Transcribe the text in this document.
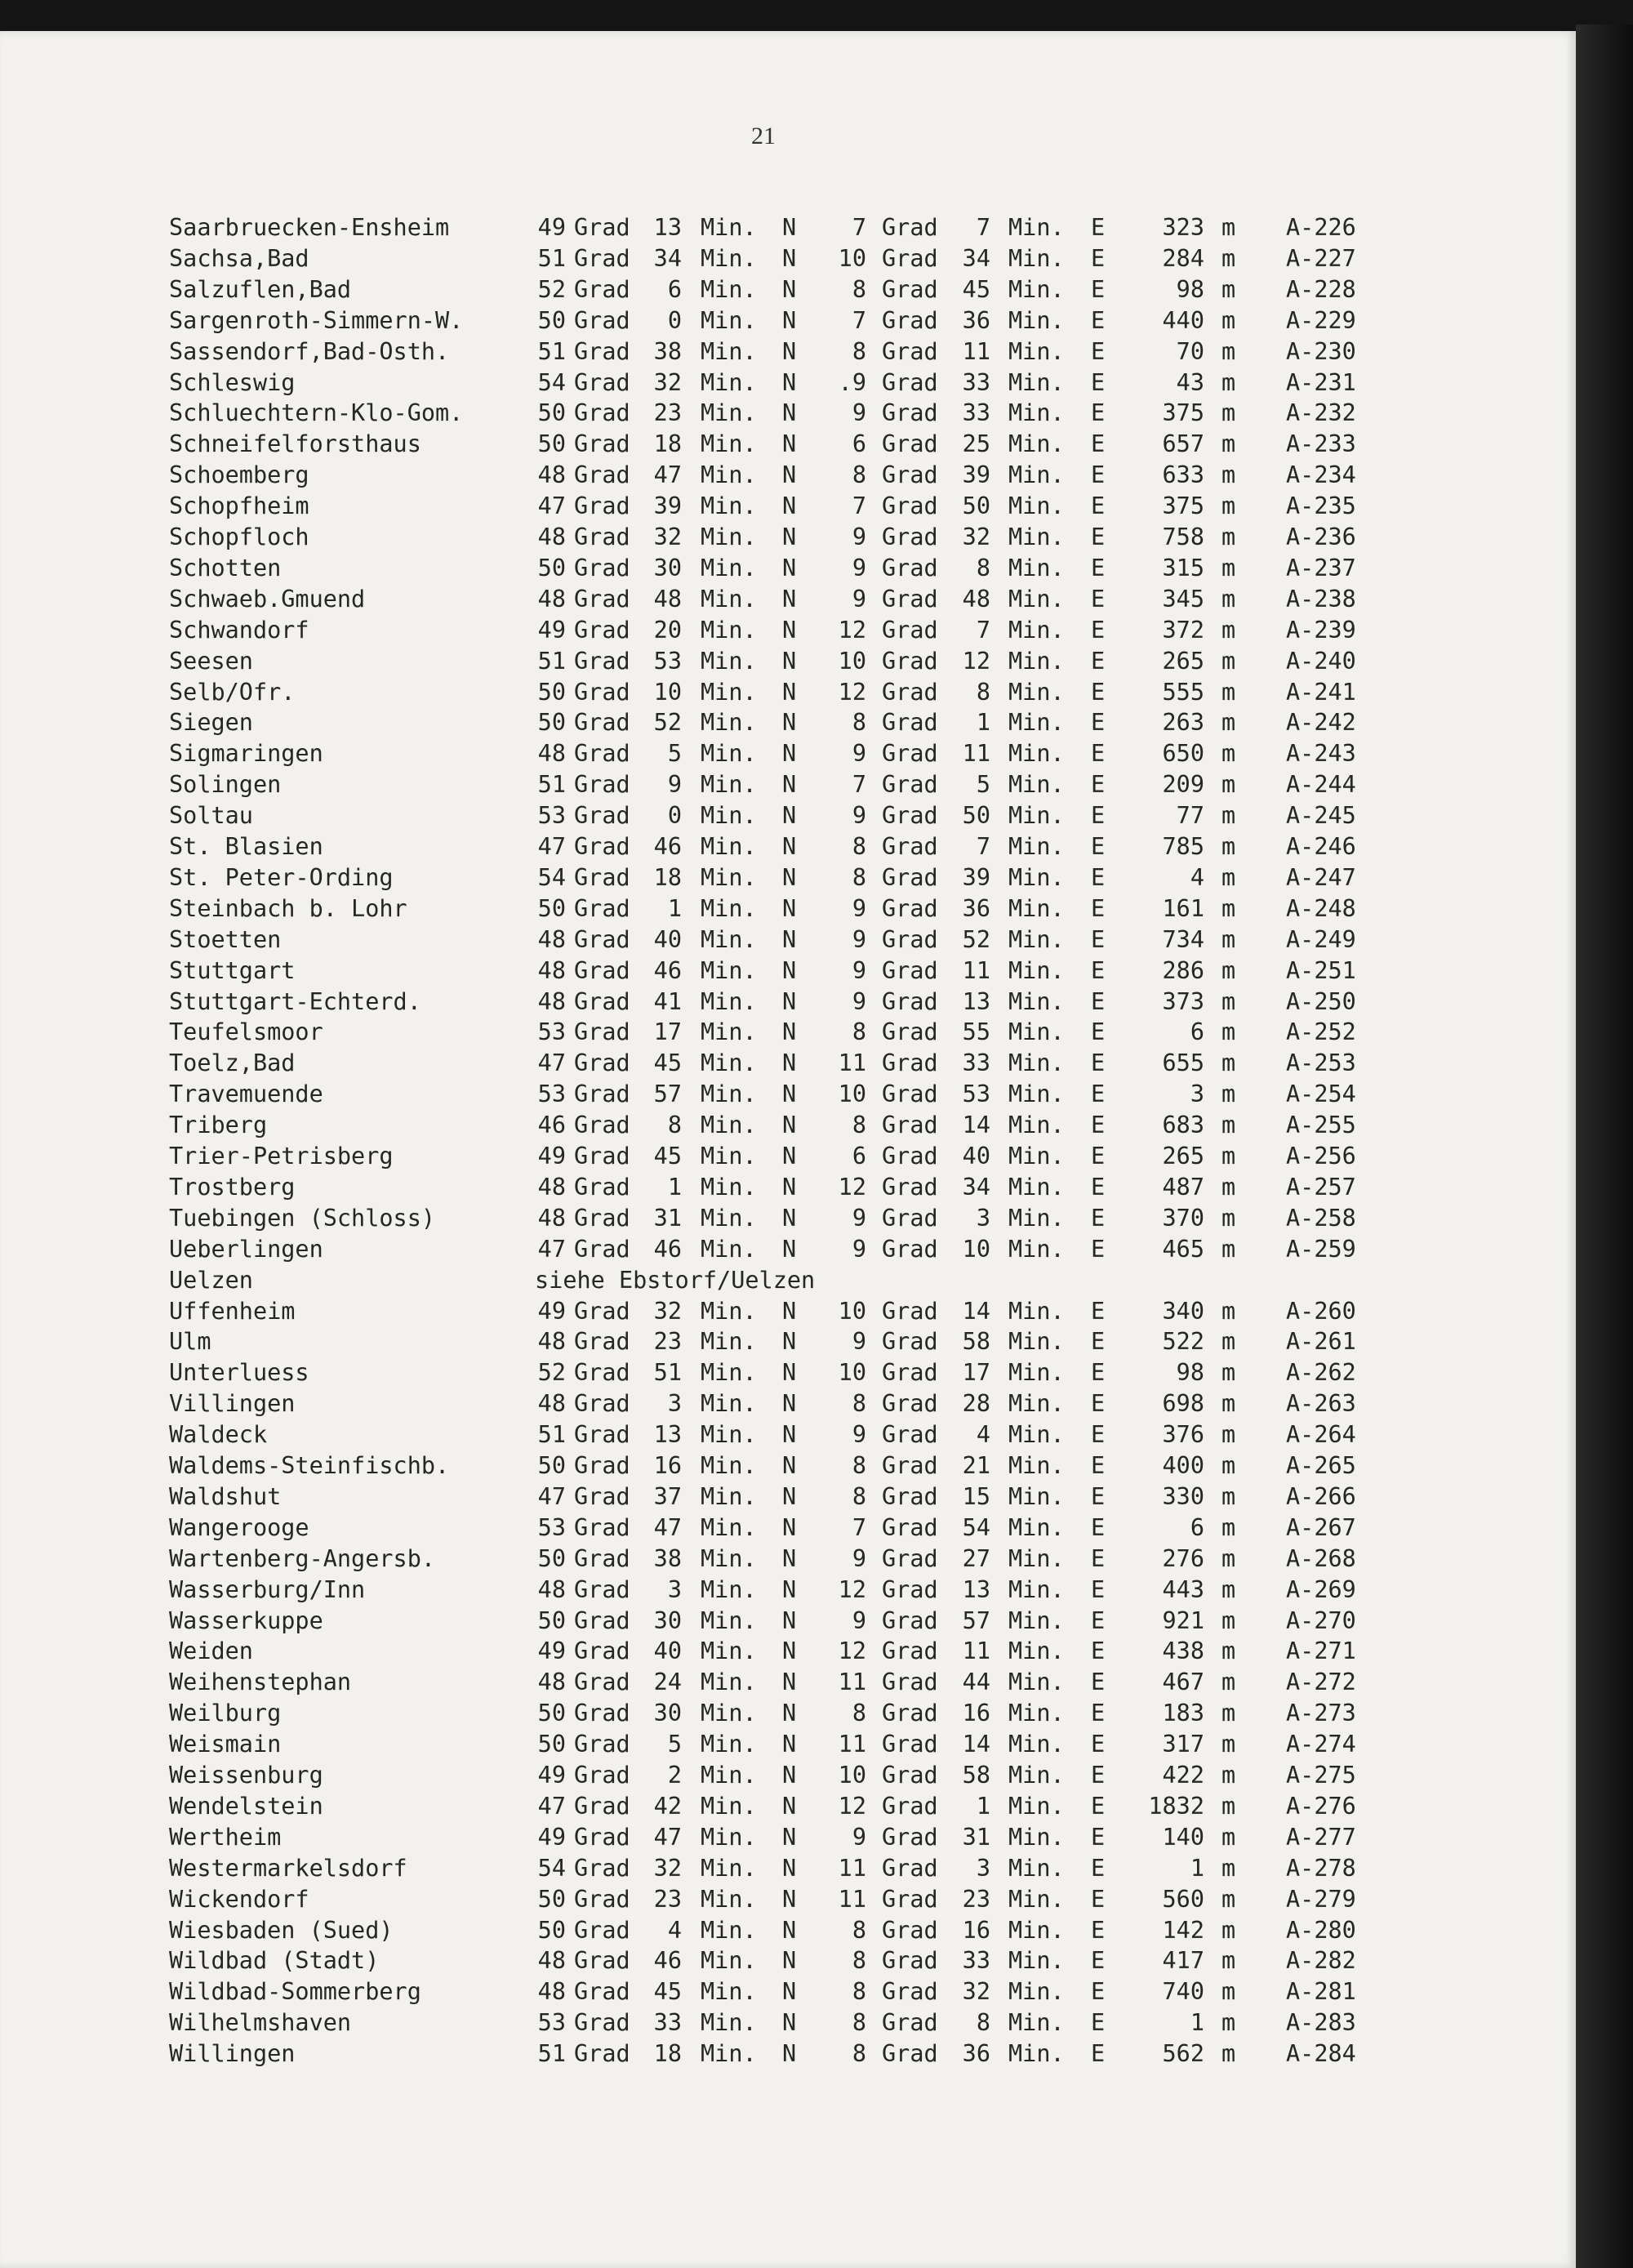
21
Saarbruecken-Ensheim	49 Grad	13 Min. N	7 Grad	7 Min. E	323 m A-226
Sachsa,Bad	51 Grad	34 Min. N	10 Grad	34 Min. E	284 m A-227
Salzuflen,Bad	52 Grad	6 Min. N	8 Grad	45 Min. E	98 m A-228
Sargenroth-Simmern-W.	50 Grad	0 Min. N	7 Grad	36 Min. E	440 m A-229
Sassendorf,Bad-Osth.	51 Grad	38 Min. N	8 Grad	11 Min. E	70 m A-230
Schleswig	54 Grad	32 Min. N	.9 Grad	33 Min. E	43 m A-231
Schluechtern-Klo-Gom.	50 Grad	23 Min. N	9 Grad	33 Min. E	375 m A-232
Schneifelforsthaus	50 Grad	18 Min. N	6 Grad	25 Min. E	657 m A-233
Schoemberg	48 Grad	47 Min. N	8 Grad	39 Min. E	633 m A-234
Schopfheim	47 Grad	39 Min. N	7 Grad	50 Min. E	375 m A-235
Schopfloch	48 Grad	32 Min. N	9 Grad	32 Min. E	758 m A-236
Schotten	50 Grad	30 Min. N	9 Grad	8 Min. E	315 m A-237
Schwaeb.Gmuend	48 Grad	48 Min. N	9 Grad	48 Min. E	345 m A-238
Schwandorf	49 Grad	20 Min. N	12 Grad	7 Min. E	372 m A-239
Seesen	51 Grad	53 Min. N	10 Grad	12 Min. E	265 m A-240
Selb/Ofr.	50 Grad	10 Min. N	12 Grad	8 Min. E	555 m A-241
Siegen	50 Grad	52 Min. N	8 Grad	1 Min. E	263 m A-242
Sigmaringen	48 Grad	5 Min. N	9 Grad	11 Min. E	650 m A-243
Solingen	51 Grad	9 Min. N	7 Grad	5 Min. E	209 m A-244
Soltau	53 Grad	0 Min. N	9 Grad	50 Min. E	77 m A-245
St. Blasien	47 Grad	46 Min. N	8 Grad	7 Min. E	785 m A-246
St. Peter-Ording	54 Grad	18 Min. N	8 Grad	39 Min. E	4 m A-247
Steinbach b. Lohr	50 Grad	1 Min. N	9 Grad	36 Min. E	161 m A-248
Stoetten	48 Grad	40 Min. N	9 Grad	52 Min. E	734 m A-249
Stuttgart	48 Grad	46 Min. N	9 Grad	11 Min. E	286 m A-251
Stuttgart-Echterd.	48 Grad	41 Min. N	9 Grad	13 Min. E	373 m A-250
Teufelsmoor	53 Grad	17 Min. N	8 Grad	55 Min. E	6 m A-252
Toelz,Bad	47 Grad	45 Min. N	11 Grad	33 Min. E	655 m A-253
Travemuende	53 Grad	57 Min. N	10 Grad	53 Min. E	3 m A-254
Triberg	46 Grad	8 Min. N	8 Grad	14 Min. E	683 m A-255
Trier-Petrisberg	49 Grad	45 Min. N	6 Grad	40 Min. E	265 m A-256
Trostberg	48 Grad	1 Min. N	12 Grad	34 Min. E	487 m A-257
Tuebingen (Schloss)	48 Grad	31 Min. N	9 Grad	3 Min. E	370 m A-258
Ueberlingen	47 Grad	46 Min. N	9 Grad	10 Min. E	465 m A-259
Uelzen	siehe Ebstorf/Uelzen
Uffenheim	49 Grad	32 Min. N	10 Grad	14 Min. E	340 m A-260
Ulm	48 Grad	23 Min. N	9 Grad	58 Min. E	522 m A-261
Unterluess	52 Grad	51 Min. N	10 Grad	17 Min. E	98 m A-262
Villingen	48 Grad	3 Min. N	8 Grad	28 Min. E	698 m A-263
Waldeck	51 Grad	13 Min. N	9 Grad	4 Min. E	376 m A-264
Waldems-Steinfischb.	50 Grad	16 Min. N	8 Grad	21 Min. E	400 m A-265
Waldshut	47 Grad	37 Min. N	8 Grad	15 Min. E	330 m A-266
Wangerooge	53 Grad	47 Min. N	7 Grad	54 Min. E	6 m A-267
Wartenberg-Angersb.	50 Grad	38 Min. N	9 Grad	27 Min. E	276 m A-268
Wasserburg/Inn	48 Grad	3 Min. N	12 Grad	13 Min. E	443 m A-269
Wasserkuppe	50 Grad	30 Min. N	9 Grad	57 Min. E	921 m A-270
Weiden	49 Grad	40 Min. N	12 Grad	11 Min. E	438 m A-271
Weihenstephan	48 Grad	24 Min. N	11 Grad	44 Min. E	467 m A-272
Weilburg	50 Grad	30 Min. N	8 Grad	16 Min. E	183 m A-273
Weismain	50 Grad	5 Min. N	11 Grad	14 Min. E	317 m A-274
Weissenburg	49 Grad	2 Min. N	10 Grad	58 Min. E	422 m A-275
Wendelstein	47 Grad	42 Min. N	12 Grad	1 Min. E	1832 m A-276
Wertheim	49 Grad	47 Min. N	9 Grad	31 Min. E	140 m A-277
Westermarkelsdorf	54 Grad	32 Min. N	11 Grad	3 Min. E	1 m A-278
Wickendorf	50 Grad	23 Min. N	11 Grad	23 Min. E	560 m A-279
Wiesbaden (Sued)	50 Grad	4 Min. N	8 Grad	16 Min. E	142 m A-280
Wildbad (Stadt)	48 Grad	46 Min. N	8 Grad	33 Min. E	417 m A-282
Wildbad-Sommerberg	48 Grad	45 Min. N	8 Grad	32 Min. E	740 m A-281
Wilhelmshaven	53 Grad	33 Min. N	8 Grad	8 Min. E	1 m A-283
Willingen	51 Grad	18 Min. N	8 Grad	36 Min. E	562 m A-284
